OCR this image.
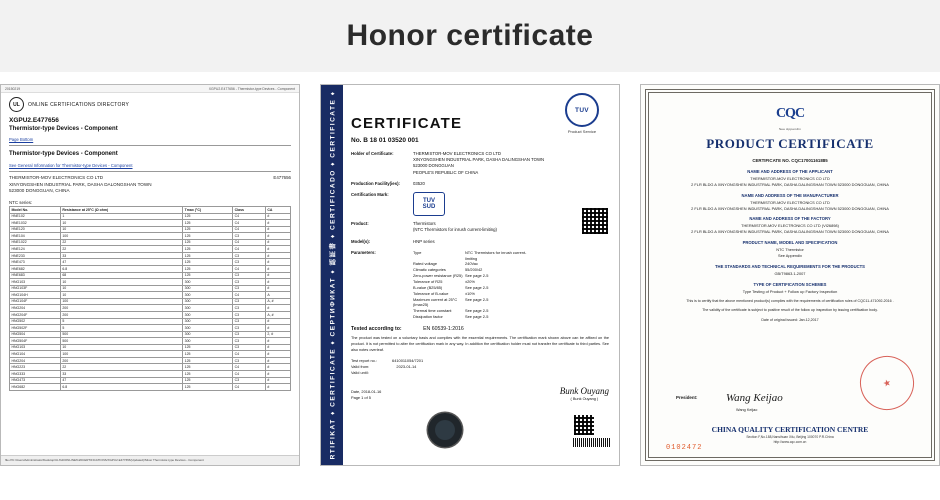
Honor certificate
20150219	XGPU2.E477656 - Thermistor-type Devices - Component
UL	ONLINE CERTIFICATIONS DIRECTORY
XGPU2.E477656
Thermistor-type Devices - Component
Page Bottom
Thermistor-type Devices - Component
See General Information for Thermistor-type Devices - Component
E477656
THERMISTOR-MOV ELECTRONICS CO LTD
XINYONGSHEN INDUSTRIAL PARK, DASHA DALONGSHAN TOWN
523000 DONGGUAN, CHINA
NTC series:
Model No.	Resistance at 25°C (Ω ohm)	Tmax (°C)	Class	CA
HNE102	1	125	C4	#
HNE1032	10	125	C4	#
HNE120	10	125	C4	#
HNE104	100	125	C3	#
HNE1022	22	125	C4	#
HNE124	22	125	C4	#
HNE233	33	125	C3	#
HNE473	47	125	C3	#
HNE682	6.8	125	C4	#
HNE683	68	125	C3	#
HNG103	10	300	C3	#
HNG103F	10	300	C3	#
HNG104H	10	300	C4	A
HNG104F	100	300	C3	A, #
HNG204	200	300	C3	#
HNG204F	200	300	C3	A, #
HNG502	5	300	C3	#
HNG502F	5	300	C3	#
HNG504	500	300	C3	2, #
HNG504F	500	300	C3	#
HNG103	10	125	C3	#
HNG104	100	125	C4	#
HNG204	200	125	C3	#
HNG223	22	125	C4	#
HNG333	33	125	C4	#
HNG473	47	125	C3	#
HNG682	6.8	125	C4	#
file:///C:/Users/Administrator/Desktop/UL%20ONLINE%20CERTIFICATIONS/XGPU2.E477656(Updated)/Silver Thermistor-type Devices - Component
RTIFIKAT ♦ CERTIFICATE ♦ CEPTИФИКАТ ♦ 認証書 ♦ CERTIFICADO ♦ CERTIFICATE ♦	TUV
Product Service
CERTIFICATE
No. B 18 01 03520 001
Holder of Certificate:	THERMISTOR-MOV ELECTRONICS CO LTD
XINYONGSHEN INDUSTRIAL PARK, DASHA DALINGSHAN TOWN
523000 DONGGUAN
PEOPLE'S REPUBLIC OF CHINA
Production Facility(ies):	03520
Certification Mark:
TUV
SUD
Product:	Thermistors
(NTC Thermistors for inrush current-limiting)
Model(s):	HNP series
Parameters:	Type	NTC Thermistors for inrush current-limiting
Rated voltage	240Vac
Climatic categories	55/200/42
Zero-power resistance (R25) See page 2-5
Tolerance of R25	±20%
B-value (B25/85)	See page 2-5
Tolerance of B-value	±10%
Maximum current at 25°C (Imax25)
See page 2-5
Thermal time constant	See page 2-5
Dissipation factor	See page 2-5
Tested according to:	EN 60539-1:2016
The product was tested on a voluntary basis and complies with the essential requirements. The certification mark shown above can be affixed on the product. It is not permitted to alter the certification mark in any way. In addition the certification holder must not transfer the certificate to third parties. See also notes overleaf.
Test report no.:	6410011054/7201
Valid from:	2023-01-14
Valid until:
Date, 2018-01-16
Page 1 of 5
Bunk Ouyang
( Bunk Ouyang )
CQC
See Appendix
PRODUCT CERTIFICATE
CERTIFICATE NO. CQC17001161885
NAME AND ADDRESS OF THE APPLICANT
THERMISTOR-MOV ELECTRONICS CO LTD
2 FLR BLDG A XINYONGSHEN INDUSTRIAL PARK, DASHA DALINGSHAN TOWN 523000 DONGGUAN, CHINA
NAME AND ADDRESS OF THE MANUFACTURER
THERMISTOR-MOV ELECTRONICS CO LTD
2 FLR BLDG A XINYONGSHEN INDUSTRIAL PARK, DASHA DALINGSHAN TOWN 523000 DONGGUAN, CHINA
NAME AND ADDRESS OF THE FACTORY
THERMISTOR-MOV ELECTRONICS CO LTD (VI26898)
2 FLR BLDG A XINYONGSHEN INDUSTRIAL PARK, DASHA DALINGSHAN TOWN 523000 DONGGUAN, CHINA
PRODUCT NAME, MODEL AND SPECIFICATION
NTC Thermistor
See Appendix
THE STANDARDS AND TECHNICAL REQUIREMENTS FOR THE PRODUCTS
GB/T9863.1-2007
TYPE OF CERTIFICATION SCHEMES
Type Testing of Product + Follow up Factory Inspection
This is to certify that the above mentioned product(s) complies with the requirements of certification rules of CQC11-471092-2016 .
The validity of the certificate is subject to positive result of the follow up inspection by issuing certification body.
Date of original issued: Jan.12,2017
President:	Wang Keijao
Wang Keijao
★
CHINA QUALITY CERTIFICATION CENTRE
Section F,No.188,Nansihuan Xilu, Beijing 100070 P.R.China
http://www.cqc.com.cn
0102472
